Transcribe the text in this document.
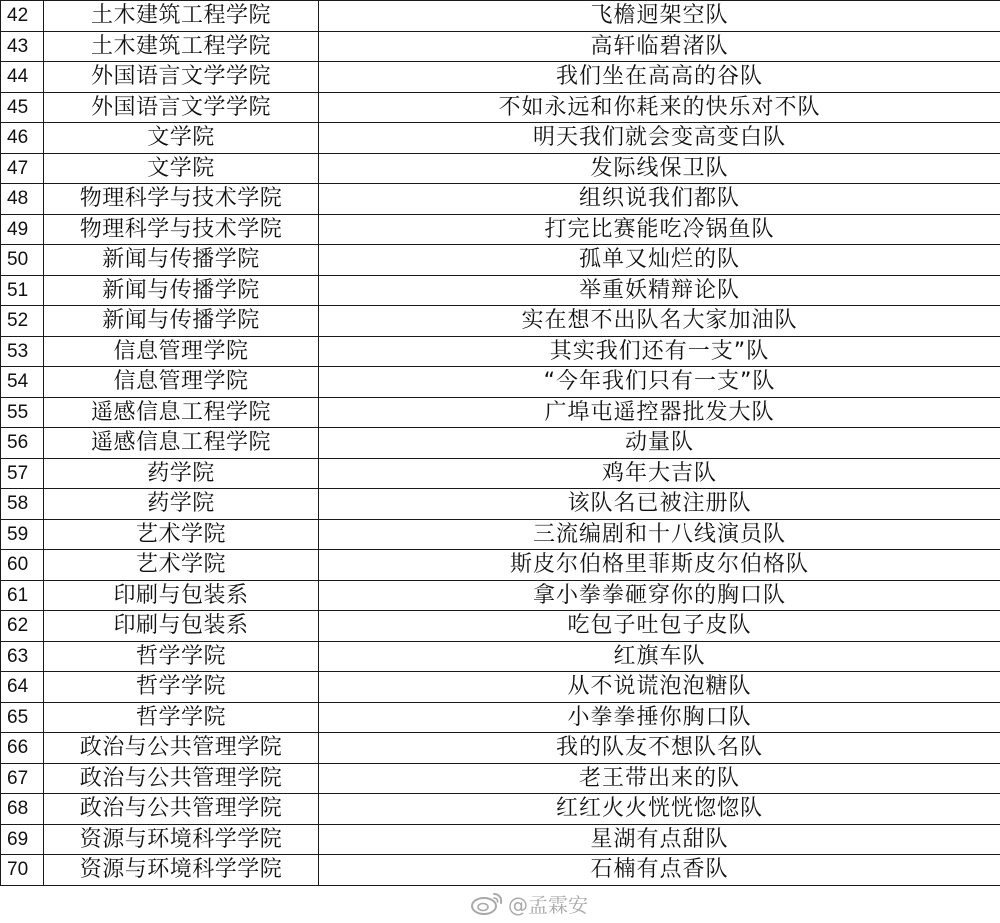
42	土木建筑工程学院	飞檐迥架空队
43	土木建筑工程学院	高轩临碧渚队
44	外国语言文学学院	我们坐在高高的谷队
45	外国语言文学学院	不如永远和你耗来的快乐对不队
46	文学院	明天我们就会变高变白队
47	文学院	发际线保卫队
48	物理科学与技术学院	组织说我们都队
49	物理科学与技术学院	打完比赛能吃冷锅鱼队
50	新闻与传播学院	孤单又灿烂的队
51	新闻与传播学院	举重妖精辩论队
52	新闻与传播学院	实在想不出队名大家加油队
53	信息管理学院	其实我们还有一支”队
54	信息管理学院	“今年我们只有一支”队
55	遥感信息工程学院	广埠屯遥控器批发大队
56	遥感信息工程学院	动量队
57	药学院	鸡年大吉队
58	药学院	该队名已被注册队
59	艺术学院	三流编剧和十八线演员队
60	艺术学院	斯皮尔伯格里菲斯皮尔伯格队
61	印刷与包装系	拿小拳拳砸穿你的胸口队
62	印刷与包装系	吃包子吐包子皮队
63	哲学学院	红旗车队
64	哲学学院	从不说谎泡泡糖队
65	哲学学院	小拳拳捶你胸口队
66	政治与公共管理学院	我的队友不想队名队
67	政治与公共管理学院	老王带出来的队
68	政治与公共管理学院	红红火火恍恍惚惚队
69	资源与环境科学学院	星湖有点甜队
70	资源与环境科学学院	石楠有点香队
@孟霖安
